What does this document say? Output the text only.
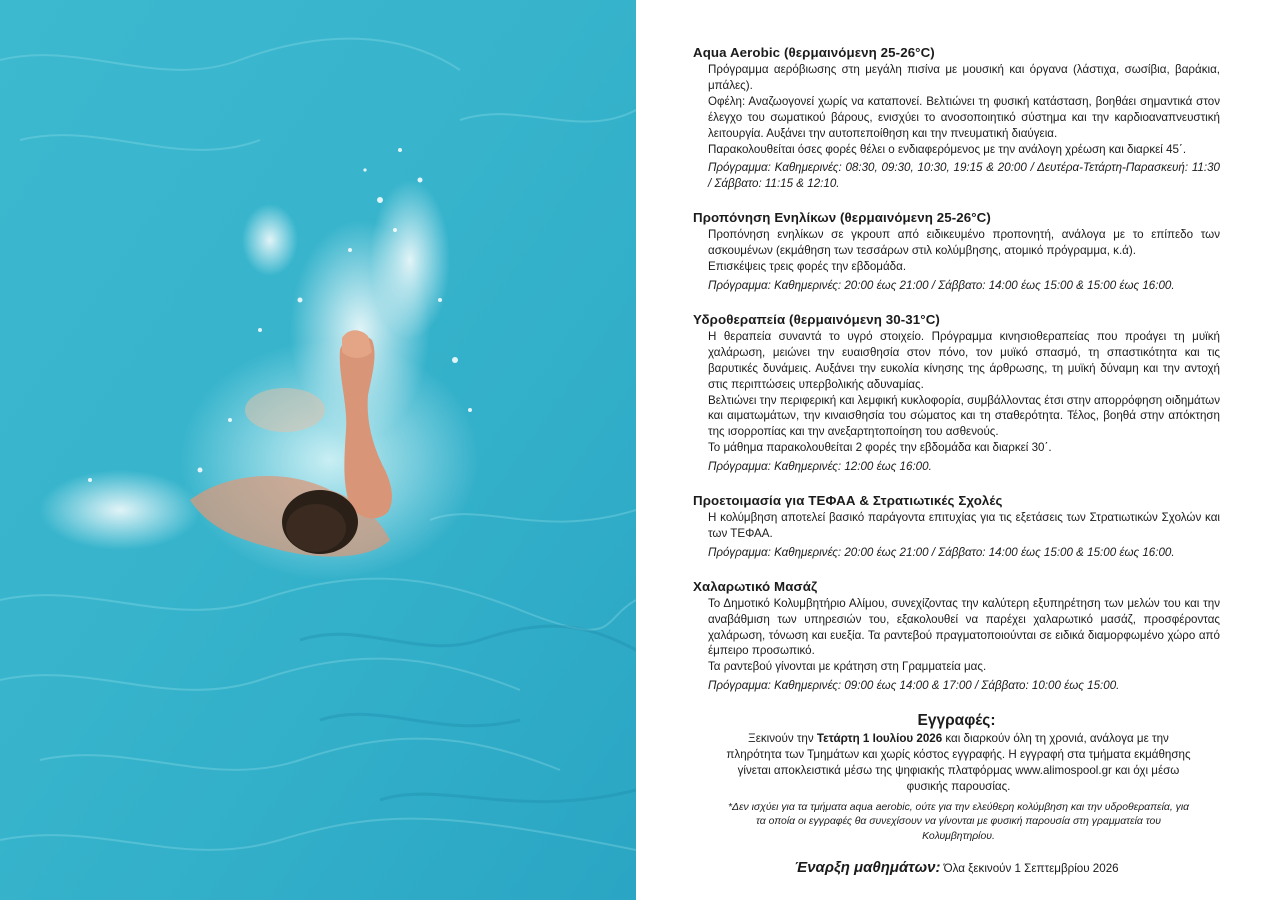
Aqua Aerobic (θερμαινόμενη 25-26°C)

Πρόγραμμα αερόβιωσης στη μεγάλη πισίνα με μουσική και όργανα (λάστιχα, σωσίβια, βαράκια, μπάλες).

Οφέλη: Αναζωογονεί χωρίς να καταπονεί. Βελτιώνει τη φυσική κατάσταση, βοηθάει σημαντικά στον έλεγχο του σωματικού βάρους, ενισχύει το ανοσοποιητικό σύστημα και την καρδιοαναπνευστική λειτουργία. Αυξάνει την αυτοπεποίθηση και την πνευματική διαύγεια.

Παρακολουθείται όσες φορές θέλει ο ενδιαφερόμενος με την ανάλογη χρέωση και διαρκεί 45΄.

Πρόγραμμα: Καθημερινές: 08:30, 09:30, 10:30, 19:15 & 20:00 / Δευτέρα-Τετάρτη-Παρασκευή: 11:30 / Σάββατο: 11:15 & 12:10.

Προπόνηση Ενηλίκων (θερμαινόμενη 25-26°C)

Προπόνηση ενηλίκων σε γκρουπ από ειδικευμένο προπονητή, ανάλογα με το επίπεδο των ασκουμένων (εκμάθηση των τεσσάρων στιλ κολύμβησης, ατομικό πρόγραμμα, κ.ά).

Επισκέψεις τρεις φορές την εβδομάδα.

Πρόγραμμα: Καθημερινές: 20:00 έως 21:00 / Σάββατο: 14:00 έως 15:00 & 15:00 έως 16:00.

Υδροθεραπεία (θερμαινόμενη 30-31°C)

Η θεραπεία συναντά το υγρό στοιχείο. Πρόγραμμα κινησιοθεραπείας που προάγει τη μυϊκή χαλάρωση, μειώνει την ευαισθησία στον πόνο, τον μυϊκό σπασμό, τη σπαστικότητα και τις βαρυτικές δυνάμεις. Αυξάνει την ευκολία κίνησης της άρθρωσης, τη μυϊκή δύναμη και την αντοχή στις περιπτώσεις υπερβολικής αδυναμίας.

Βελτιώνει την περιφερική και λεμφική κυκλοφορία, συμβάλλοντας έτσι στην απορρόφηση οιδημάτων και αιματωμάτων, την κιναισθησία του σώματος και τη σταθερότητα. Τέλος, βοηθά στην απόκτηση της ισορροπίας και την ανεξαρτητοποίηση του ασθενούς.

Το μάθημα παρακολουθείται 2 φορές την εβδομάδα και διαρκεί 30΄.

Πρόγραμμα: Καθημερινές: 12:00 έως 16:00.

Προετοιμασία για ΤΕΦΑΑ & Στρατιωτικές Σχολές

Η κολύμβηση αποτελεί βασικό παράγοντα επιτυχίας για τις εξετάσεις των Στρατιωτικών Σχολών και των ΤΕΦΑΑ.

Πρόγραμμα: Καθημερινές: 20:00 έως 21:00 / Σάββατο: 14:00 έως 15:00 & 15:00 έως 16:00.

Χαλαρωτικό Μασάζ

Το Δημοτικό Κολυμβητήριο Αλίμου, συνεχίζοντας την καλύτερη εξυπηρέτηση των μελών του και την αναβάθμιση των υπηρεσιών του, εξακολουθεί να παρέχει χαλαρωτικό μασάζ, προσφέροντας χαλάρωση, τόνωση και ευεξία. Τα ραντεβού πραγματοποιούνται σε ειδικά διαμορφωμένο χώρο από έμπειρο προσωπικό.

Τα ραντεβού γίνονται με κράτηση στη Γραμματεία μας.

Πρόγραμμα: Καθημερινές: 09:00 έως 14:00 & 17:00 / Σάββατο: 10:00 έως 15:00.

Εγγραφές:

Ξεκινούν την Τετάρτη 1 Ιουλίου 2026 και διαρκούν όλη τη χρονιά, ανάλογα με την πληρότητα των Τμημάτων και χωρίς κόστος εγγραφής. Η εγγραφή στα τμήματα εκμάθησης γίνεται αποκλειστικά μέσω της ψηφιακής πλατφόρμας www.alimospool.gr και όχι μέσω φυσικής παρουσίας.

*Δεν ισχύει για τα τμήματα aqua aerobic, ούτε για την ελεύθερη κολύμβηση και την υδροθεραπεία, για τα οποία οι εγγραφές θα συνεχίσουν να γίνονται με φυσική παρουσία στη γραμματεία του Κολυμβητηρίου.

Έναρξη μαθημάτων: Όλα ξεκινούν 1 Σεπτεμβρίου 2026
